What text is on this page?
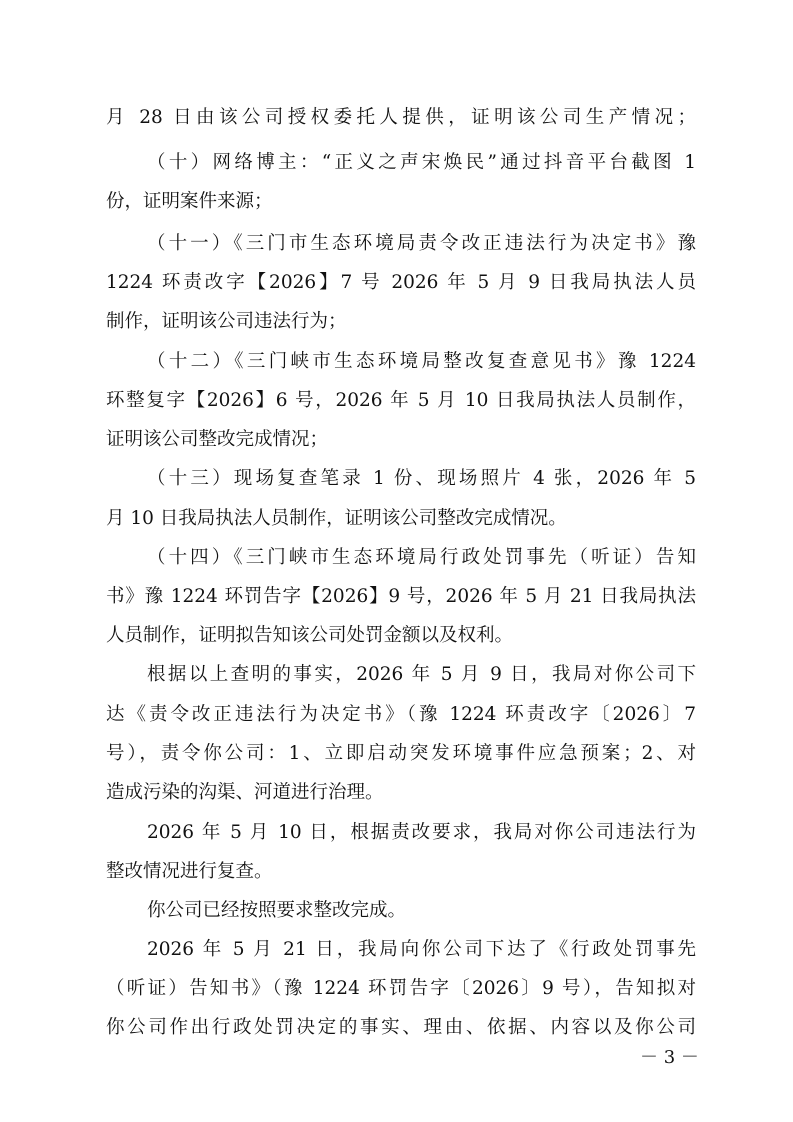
月 28 日由该公司授权委托人提供，证明该公司生产情况；
（十）网络博主：“正义之声宋焕民”通过抖音平台截图 1
份，证明案件来源；
（十一）《三门市生态环境局责令改正违法行为决定书》豫
1224 环责改字【2026】7 号 2026 年 5 月 9 日我局执法人员
制作，证明该公司违法行为；
（十二）《三门峡市生态环境局整改复查意见书》豫 1224
环整复字【2026】6 号，2026 年 5 月 10 日我局执法人员制作，
证明该公司整改完成情况；
（十三）现场复查笔录 1 份、现场照片 4 张，2026 年 5
月 10 日我局执法人员制作，证明该公司整改完成情况。
（十四）《三门峡市生态环境局行政处罚事先（听证）告知
书》豫 1224 环罚告字【2026】9 号，2026 年 5 月 21 日我局执法
人员制作，证明拟告知该公司处罚金额以及权利。
根据以上查明的事实，2026 年 5 月 9 日，我局对你公司下
达《责令改正违法行为决定书》（豫 1224 环责改字〔2026〕7
号），责令你公司：1、立即启动突发环境事件应急预案；2、对
造成污染的沟渠、河道进行治理。
2026 年 5 月 10 日，根据责改要求，我局对你公司违法行为
整改情况进行复查。
你公司已经按照要求整改完成。
2026 年 5 月 21 日，我局向你公司下达了《行政处罚事先
（听证）告知书》（豫 1224 环罚告字〔2026〕9 号），告知拟对
你公司作出行政处罚决定的事实、理由、依据、内容以及你公司
－ 3 －
